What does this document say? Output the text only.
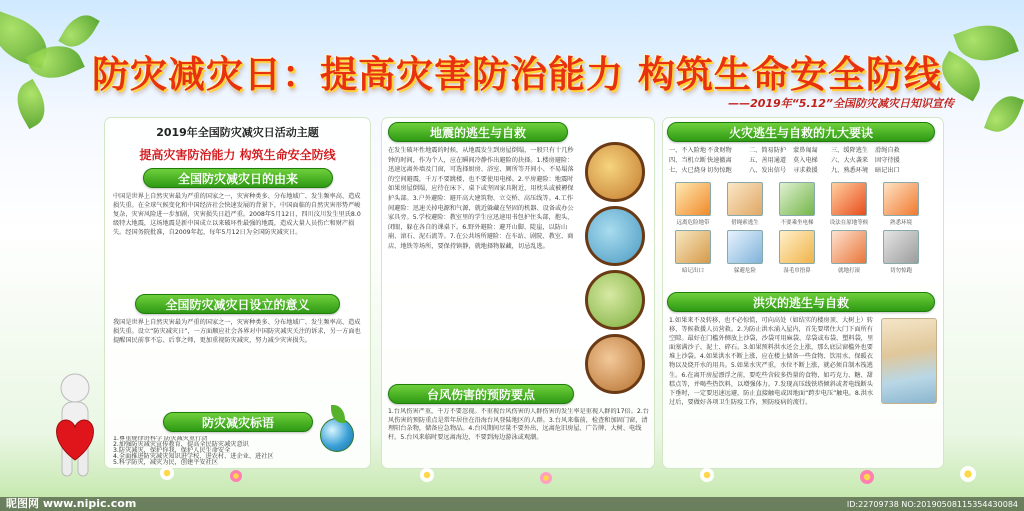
防灾减灾日：提高灾害防治能力 构筑生命安全防线
——2019年“5.12”全国防灾减灾日知识宣传
2019年全国防灾减灾日活动主题
提高灾害防治能力 构筑生命安全防线
全国防灾减灾日的由来
中国是世界上自然灾害最为严重的国家之一，灾害种类多、分布地域广、发生频率高、造成损失重。在全球气候变化和中国经济社会快速发展的背景下，中国面临的自然灾害形势严峻复杂，灾害风险进一步加剧，灾害损失日趋严重。2008年5月12日，四川汶川发生里氏8.0级特大地震，这场地震是新中国成立以来破坏性最强的地震，造成大量人员伤亡和财产损失。经国务院批准，自2009年起，每年5月12日为全国防灾减灾日。
全国防灾减灾日设立的意义
我国是世界上自然灾害最为严重的国家之一，灾害种类多、分布地域广、发生频率高、造成损失重。设立“防灾减灾日”，一方面顺应社会各界对中国防灾减灾关注的诉求，另一方面也提醒国民前事不忘、后事之师，更加重视防灾减灾，努力减少灾害损失。
防灾减灾标语
1.尊重规律讲科学 防灾减灾重行动
2.加强防灾减灾宣传教育，提高全民防灾减灾意识
3.防灾减灾，保护你我，保护人民生命安全
4.全面推进防灾减灾知识进学校、进农村、进企业、进社区
5.科学防灾，减灾为民，创建平安社区
地震的逃生与自救
在发生破坏性地震的时候，从地震发生到房屋倒塌，一般只有十几秒钟的时间，作为个人，应在瞬间冷静作出避险的抉择。1.楼房避险：迅速远离外墙及门窗，可选择厨房、浴室、厕所等开间小、不易塌落的空间避震，千万不要跳楼，也不要使用电梯。2.平房避险：地震时如果房屋倒塌，应待在床下、桌下或坚固家具附近，用枕头或被褥保护头部。3.户外避险：避开高大建筑物、立交桥、高压线等。4.工作间避险：迅速关掉电源和气源，就近躲藏在坚固的机器、设备或办公家具旁。5.学校避险：教室里的学生应迅速用书包护住头部，抱头、闭眼，躲在各自的课桌下。6.野外避险：避开山脚、陡崖，以防山崩、滚石、泥石流等。7.在公共场所避险：在车站、剧院、教室、商店、地铁等场所，要保持镇静，就地择物躲藏，切忌乱逃。
台风伤害的预防要点
1.台风伤害严重，千万不要忽视。不重视台风伤害的人群伤害的发生率是重视人群的17倍。2.台风伤害的预防重点是常年居住在沿海台风登陆地区的人群。3.台风来临前，检查和加固门窗，清理阳台杂物，储备应急物品。4.台风期间尽量不要外出，远离危旧房屋、广告牌、大树、电线杆。5.台风来临时要远离海边，不要到海边游泳或观潮。
火灾逃生与自救的九大要诀
一、不入险地 不贪财物	二、简易防护 蒙鼻匍匐 三、缓降逃生 滑绳自救
四、当机立断 快速撤离	五、善用通道 莫入电梯 六、大火袭来 固守待援
七、火已烧身 切勿惊跑	八、发出信号 寻求救援 九、熟悉环境 暗记出口
远离危险地带	借绳索逃生	不要乘坐电梯	设法在原地等候	熟悉环境
暗记出口	躲避危险	湿毛巾捂鼻	就地打滚	切勿惊跑
洪灾的逃生与自救
1.如果来不及转移，也不必惊慌，可向高处（如结实的楼房顶、大树上）转移，等候救援人员营救。2.为防止洪水涌入屋内，首先要堵住大门下面所有空隙。最好在门槛外侧放上沙袋，沙袋可用麻袋、草袋或布袋、塑料袋，里面塞满沙子、泥土、碎石。3.如果预料洪水还会上涨，那么底层窗槛外也要堆上沙袋。4.如果洪水不断上涨，应在楼上储备一些食物、饮用水、保暖衣物以及烧开水的用具。5.如果水灾严重，水位不断上涨，就必须自制木筏逃生。6.在离开房屋漂浮之前，要吃些含较多热量的食物，如巧克力、糖、甜糕点等，并喝些热饮料，以增强体力。7.发现高压线铁塔倾斜或者电线断头下垂时，一定要迅速远避，防止直接触电或因地面“跨步电压”触电。8.洪水过后，要做好各项卫生防疫工作，预防疫病的流行。
昵图网 www.nipic.com	ID:22709738 NO:20190508115354430084
